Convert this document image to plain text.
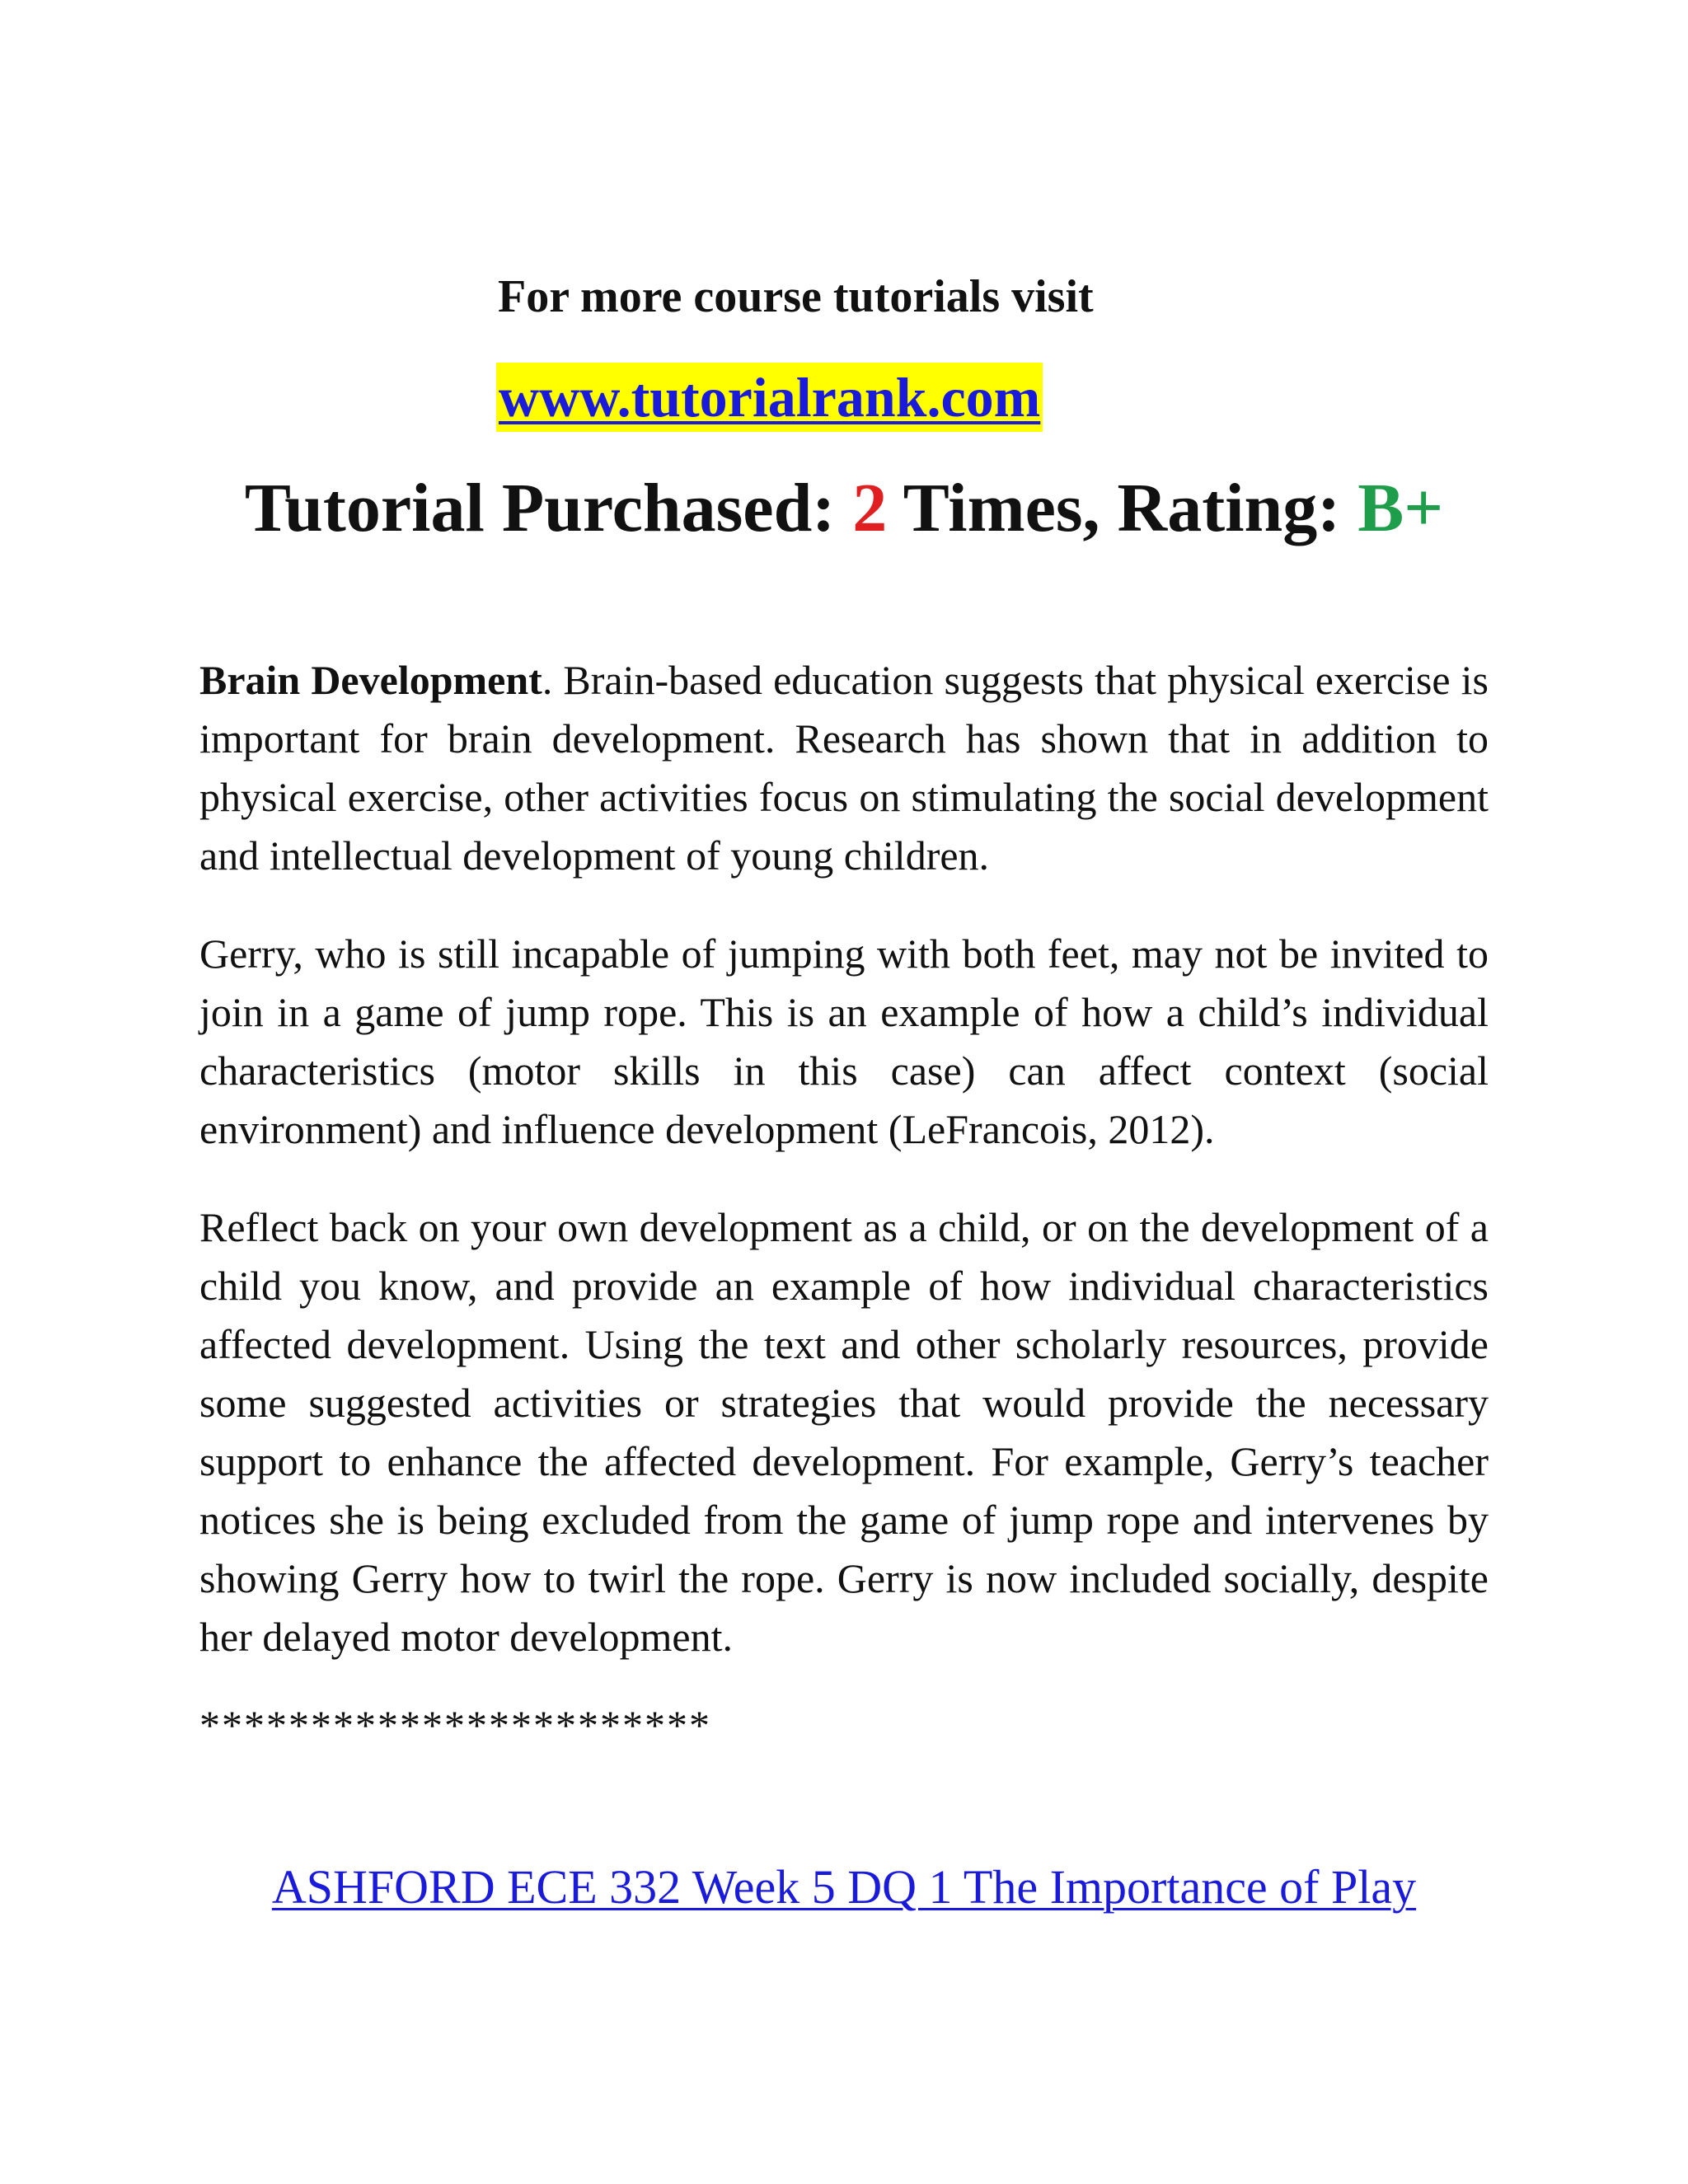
For more course tutorials visit
www.tutorialrank.com
Tutorial Purchased: 2 Times, Rating: B+

Brain Development. Brain-based education suggests that physical exercise is important for brain development. Research has shown that in addition to physical exercise, other activities focus on stimulating the social development and intellectual development of young children.

Gerry, who is still incapable of jumping with both feet, may not be invited to join in a game of jump rope. This is an example of how a child’s individual characteristics (motor skills in this case) can affect context (social environment) and influence development (LeFrancois, 2012).

Reflect back on your own development as a child, or on the development of a child you know, and provide an example of how individual characteristics affected development. Using the text and other scholarly resources, provide some suggested activities or strategies that would provide the necessary support to enhance the affected development. For example, Gerry’s teacher notices she is being excluded from the game of jump rope and intervenes by showing Gerry how to twirl the rope. Gerry is now included socially, despite her delayed motor development.

***********************
ASHFORD ECE 332 Week 5 DQ 1 The Importance of Play
